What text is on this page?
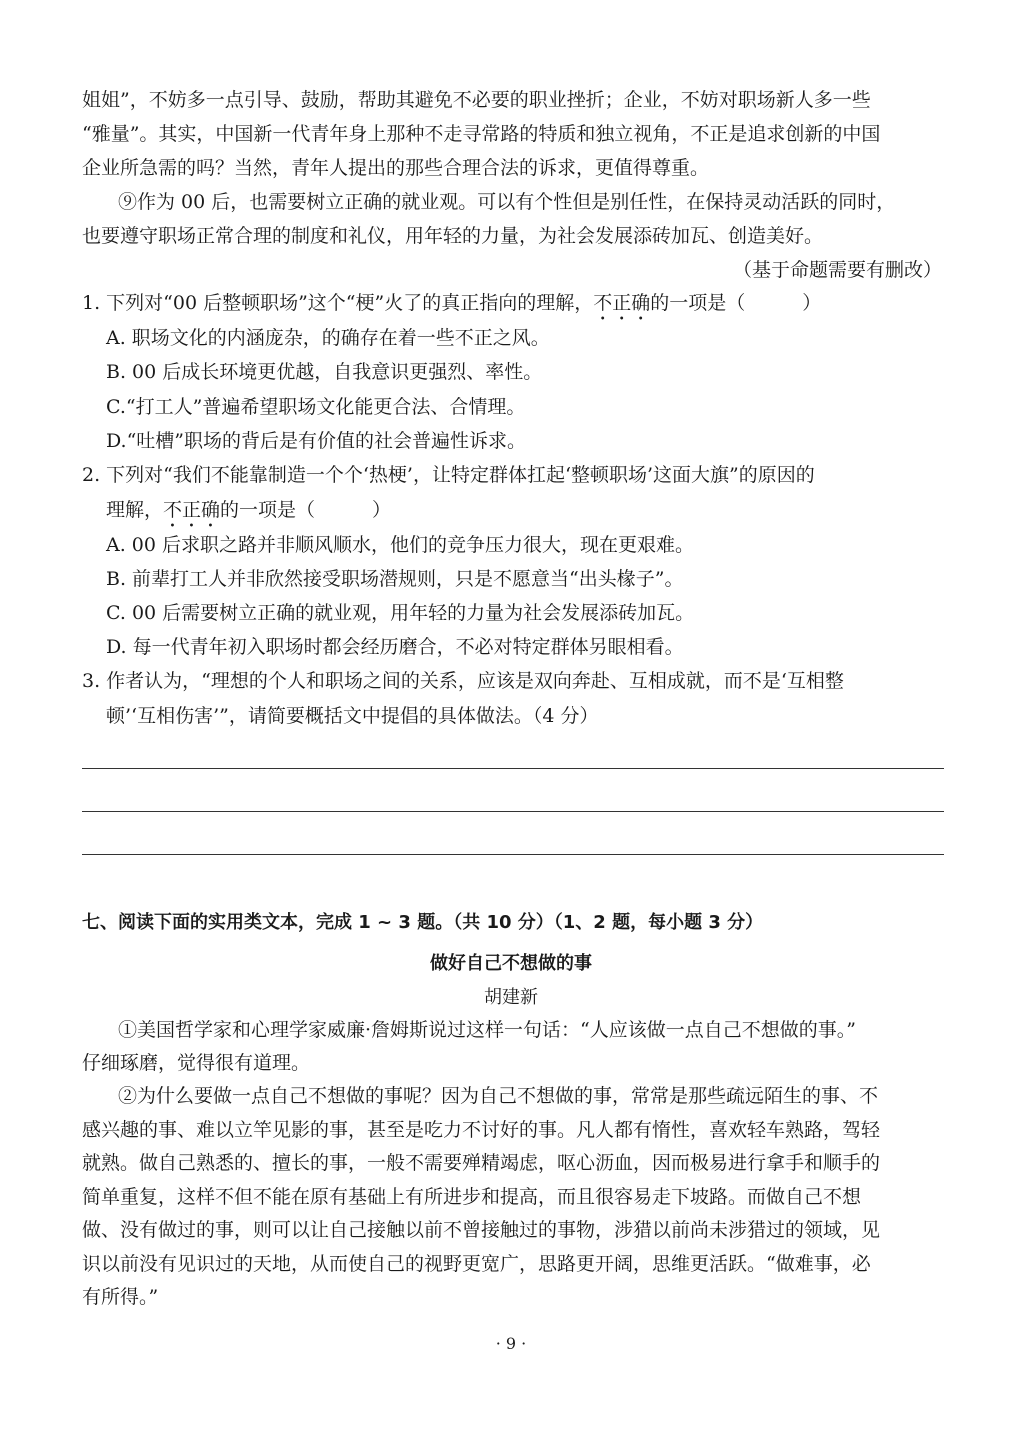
姐姐”，不妨多一点引导、鼓励，帮助其避免不必要的职业挫折；企业，不妨对职场新人多一些
“雅量”。其实，中国新一代青年身上那种不走寻常路的特质和独立视角，不正是追求创新的中国
企业所急需的吗？当然，青年人提出的那些合理合法的诉求，更值得尊重。
⑨作为 00 后，也需要树立正确的就业观。可以有个性但是别任性，在保持灵动活跃的同时，
也要遵守职场正常合理的制度和礼仪，用年轻的力量，为社会发展添砖加瓦、创造美好。
（基于命题需要有删改）
1. 下列对“00 后整顿职场”这个“梗”火了的真正指向的理解，不正确的一项是（　　　）
A. 职场文化的内涵庞杂，的确存在着一些不正之风。
B. 00 后成长环境更优越，自我意识更强烈、率性。
C.“打工人”普遍希望职场文化能更合法、合情理。
D.“吐槽”职场的背后是有价值的社会普遍性诉求。
2. 下列对“我们不能靠制造一个个‘热梗’，让特定群体扛起‘整顿职场’这面大旗”的原因的
理解，不正确的一项是（　　　）
A. 00 后求职之路并非顺风顺水，他们的竞争压力很大，现在更艰难。
B. 前辈打工人并非欣然接受职场潜规则，只是不愿意当“出头椽子”。
C. 00 后需要树立正确的就业观，用年轻的力量为社会发展添砖加瓦。
D. 每一代青年初入职场时都会经历磨合，不必对特定群体另眼相看。
3. 作者认为，“理想的个人和职场之间的关系，应该是双向奔赴、互相成就，而不是‘互相整
顿’‘互相伤害’”，请简要概括文中提倡的具体做法。（4 分）
七、阅读下面的实用类文本，完成 1 ~ 3 题。（共 10 分）（1、2 题，每小题 3 分）
做好自己不想做的事
胡建新
①美国哲学家和心理学家威廉·詹姆斯说过这样一句话：“人应该做一点自己不想做的事。”
仔细琢磨，觉得很有道理。
②为什么要做一点自己不想做的事呢？因为自己不想做的事，常常是那些疏远陌生的事、不
感兴趣的事、难以立竿见影的事，甚至是吃力不讨好的事。凡人都有惰性，喜欢轻车熟路，驾轻
就熟。做自己熟悉的、擅长的事，一般不需要殚精竭虑，呕心沥血，因而极易进行拿手和顺手的
简单重复，这样不但不能在原有基础上有所进步和提高，而且很容易走下坡路。而做自己不想
做、没有做过的事，则可以让自己接触以前不曾接触过的事物，涉猎以前尚未涉猎过的领域，见
识以前没有见识过的天地，从而使自己的视野更宽广，思路更开阔，思维更活跃。“做难事，必
有所得。”
· 9 ·
